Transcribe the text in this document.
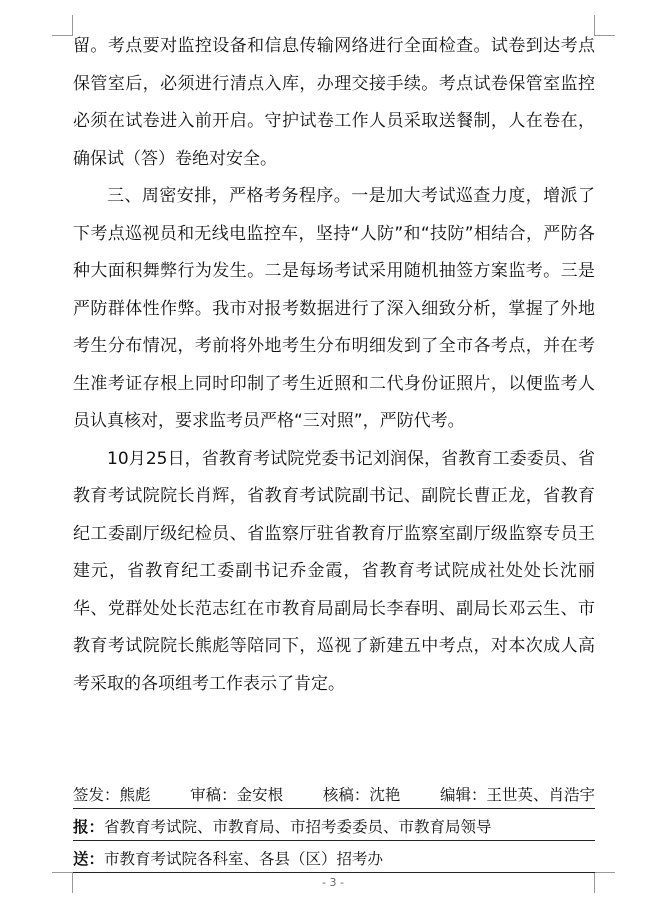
留。考点要对监控设备和信息传输网络进行全面检查。试卷到达考点保管室后，必须进行清点入库，办理交接手续。考点试卷保管室监控必须在试卷进入前开启。守护试卷工作人员采取送餐制，人在卷在，确保试（答）卷绝对安全。

三、周密安排，严格考务程序。一是加大考试巡查力度，增派了下考点巡视员和无线电监控车，坚持“人防”和“技防”相结合，严防各种大面积舞弊行为发生。二是每场考试采用随机抽签方案监考。三是严防群体性作弊。我市对报考数据进行了深入细致分析，掌握了外地考生分布情况，考前将外地考生分布明细发到了全市各考点，并在考生准考证存根上同时印制了考生近照和二代身份证照片，以便监考人员认真核对，要求监考员严格“三对照”，严防代考。

10月25日，省教育考试院党委书记刘润保，省教育工委委员、省教育考试院院长肖辉，省教育考试院副书记、副院长曹正龙，省教育纪工委副厅级纪检员、省监察厅驻省教育厅监察室副厅级监察专员王建元，省教育纪工委副书记乔金霞，省教育考试院成社处处长沈丽华、党群处处长范志红在市教育局副局长李春明、副局长邓云生、市教育考试院院长熊彪等陪同下，巡视了新建五中考点，对本次成人高考采取的各项组考工作表示了肯定。

签发：熊彪	审稿：金安根	核稿：沈艳	编辑：王世英、肖浩宇
报：省教育考试院、市教育局、市招考委委员、市教育局领导
送：市教育考试院各科室、各县（区）招考办
- 3 -
